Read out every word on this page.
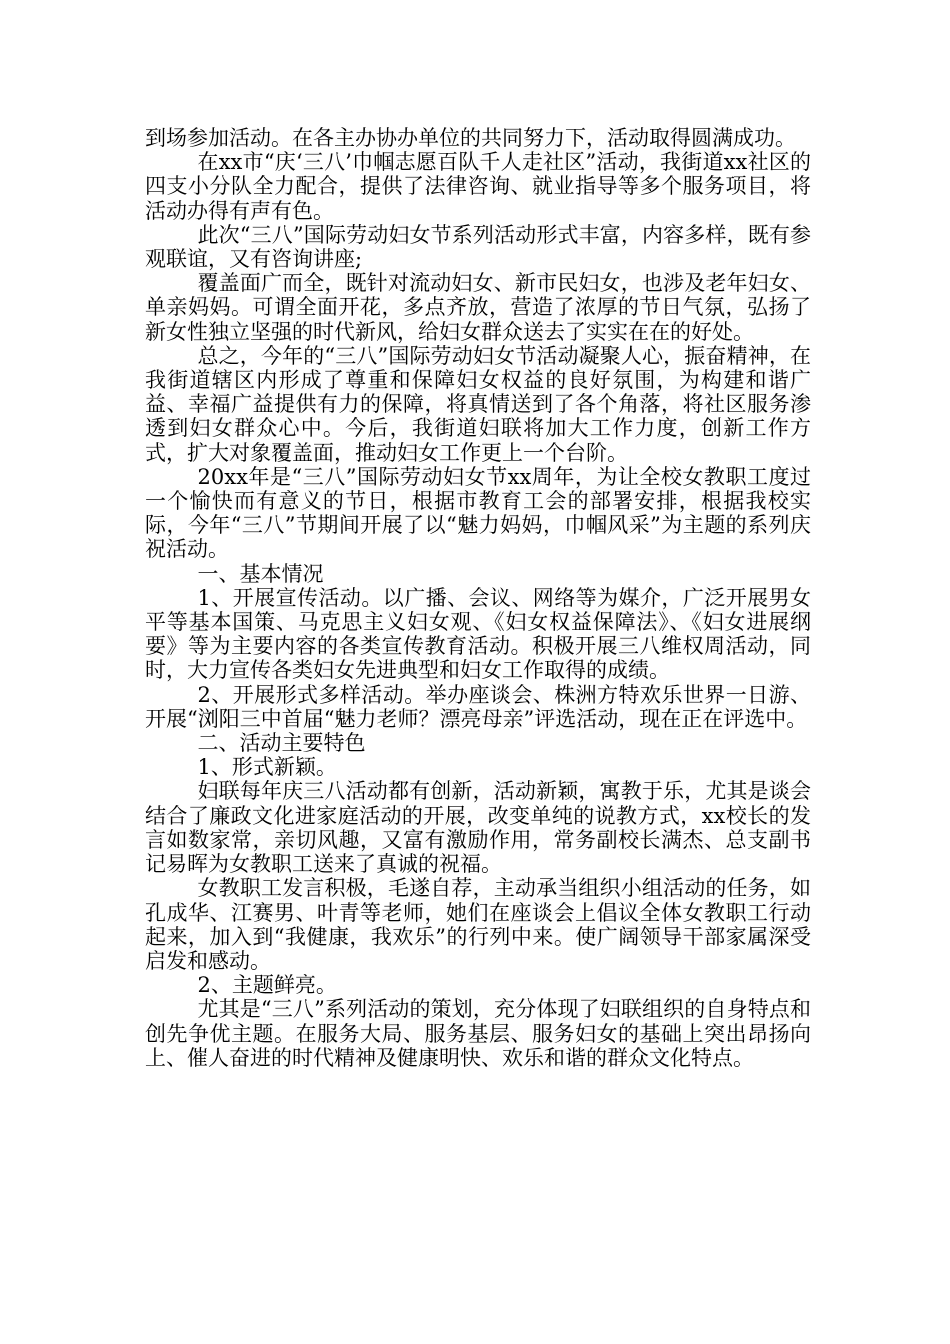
到场参加活动。在各主办协办单位的共同努力下，活动取得圆满成功。

在xx市“庆‘三八’巾帼志愿百队千人走社区”活动，我街道xx社区的四支小分队全力配合，提供了法律咨询、就业指导等多个服务项目，将活动办得有声有色。

此次“三八”国际劳动妇女节系列活动形式丰富，内容多样，既有参观联谊，又有咨询讲座;

覆盖面广而全，既针对流动妇女、新市民妇女，也涉及老年妇女、单亲妈妈。可谓全面开花，多点齐放，营造了浓厚的节日气氛，弘扬了新女性独立坚强的时代新风，给妇女群众送去了实实在在的好处。

总之，今年的“三八”国际劳动妇女节活动凝聚人心，振奋精神，在我街道辖区内形成了尊重和保障妇女权益的良好氛围，为构建和谐广益、幸福广益提供有力的保障，将真情送到了各个角落，将社区服务渗透到妇女群众心中。今后，我街道妇联将加大工作力度，创新工作方式，扩大对象覆盖面，推动妇女工作更上一个台阶。

20xx年是“三八”国际劳动妇女节xx周年，为让全校女教职工度过一个愉快而有意义的节日，根据市教育工会的部署安排，根据我校实际，今年“三八”节期间开展了以“魅力妈妈，巾帼风采”为主题的系列庆祝活动。

一、基本情况

1、开展宣传活动。以广播、会议、网络等为媒介，广泛开展男女平等基本国策、马克思主义妇女观、《妇女权益保障法》、《妇女进展纲要》等为主要内容的各类宣传教育活动。积极开展三八维权周活动，同时，大力宣传各类妇女先进典型和妇女工作取得的成绩。

2、开展形式多样活动。举办座谈会、株洲方特欢乐世界一日游、开展“浏阳三中首届“魅力老师？漂亮母亲”评选活动，现在正在评选中。

二、活动主要特色

1、形式新颖。

妇联每年庆三八活动都有创新，活动新颖，寓教于乐，尤其是谈会结合了廉政文化进家庭活动的开展，改变单纯的说教方式，xx校长的发言如数家常，亲切风趣，又富有激励作用，常务副校长满杰、总支副书记易晖为女教职工送来了真诚的祝福。

女教职工发言积极，毛遂自荐，主动承当组织小组活动的任务，如孔成华、江赛男、叶青等老师，她们在座谈会上倡议全体女教职工行动起来，加入到“我健康，我欢乐”的行列中来。使广阔领导干部家属深受启发和感动。

2、主题鲜亮。

尤其是“三八”系列活动的策划，充分体现了妇联组织的自身特点和创先争优主题。在服务大局、服务基层、服务妇女的基础上突出昂扬向上、催人奋进的时代精神及健康明快、欢乐和谐的群众文化特点。
